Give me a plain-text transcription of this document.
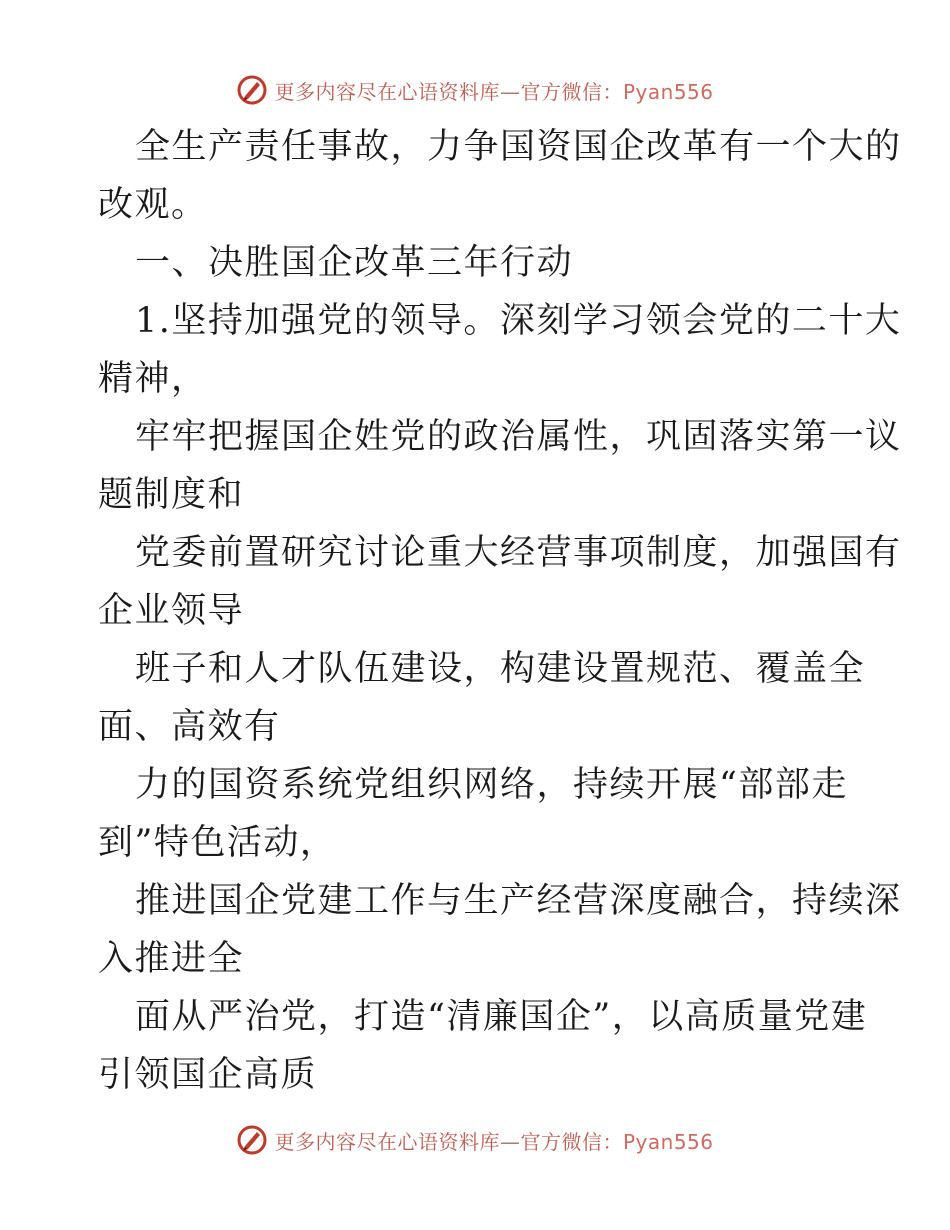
更多内容尽在心语资料库—官方微信：Pyan556
全生产责任事故，力争国资国企改革有一个大的
改观。
一、决胜国企改革三年行动
1.坚持加强党的领导。深刻学习领会党的二十大
精神，
牢牢把握国企姓党的政治属性，巩固落实第一议
题制度和
党委前置研究讨论重大经营事项制度，加强国有
企业领导
班子和人才队伍建设，构建设置规范、覆盖全
面、高效有
力的国资系统党组织网络，持续开展“部部走
到”特色活动，
推进国企党建工作与生产经营深度融合，持续深
入推进全
面从严治党，打造“清廉国企”，以高质量党建
引领国企高质
更多内容尽在心语资料库—官方微信：Pyan556
